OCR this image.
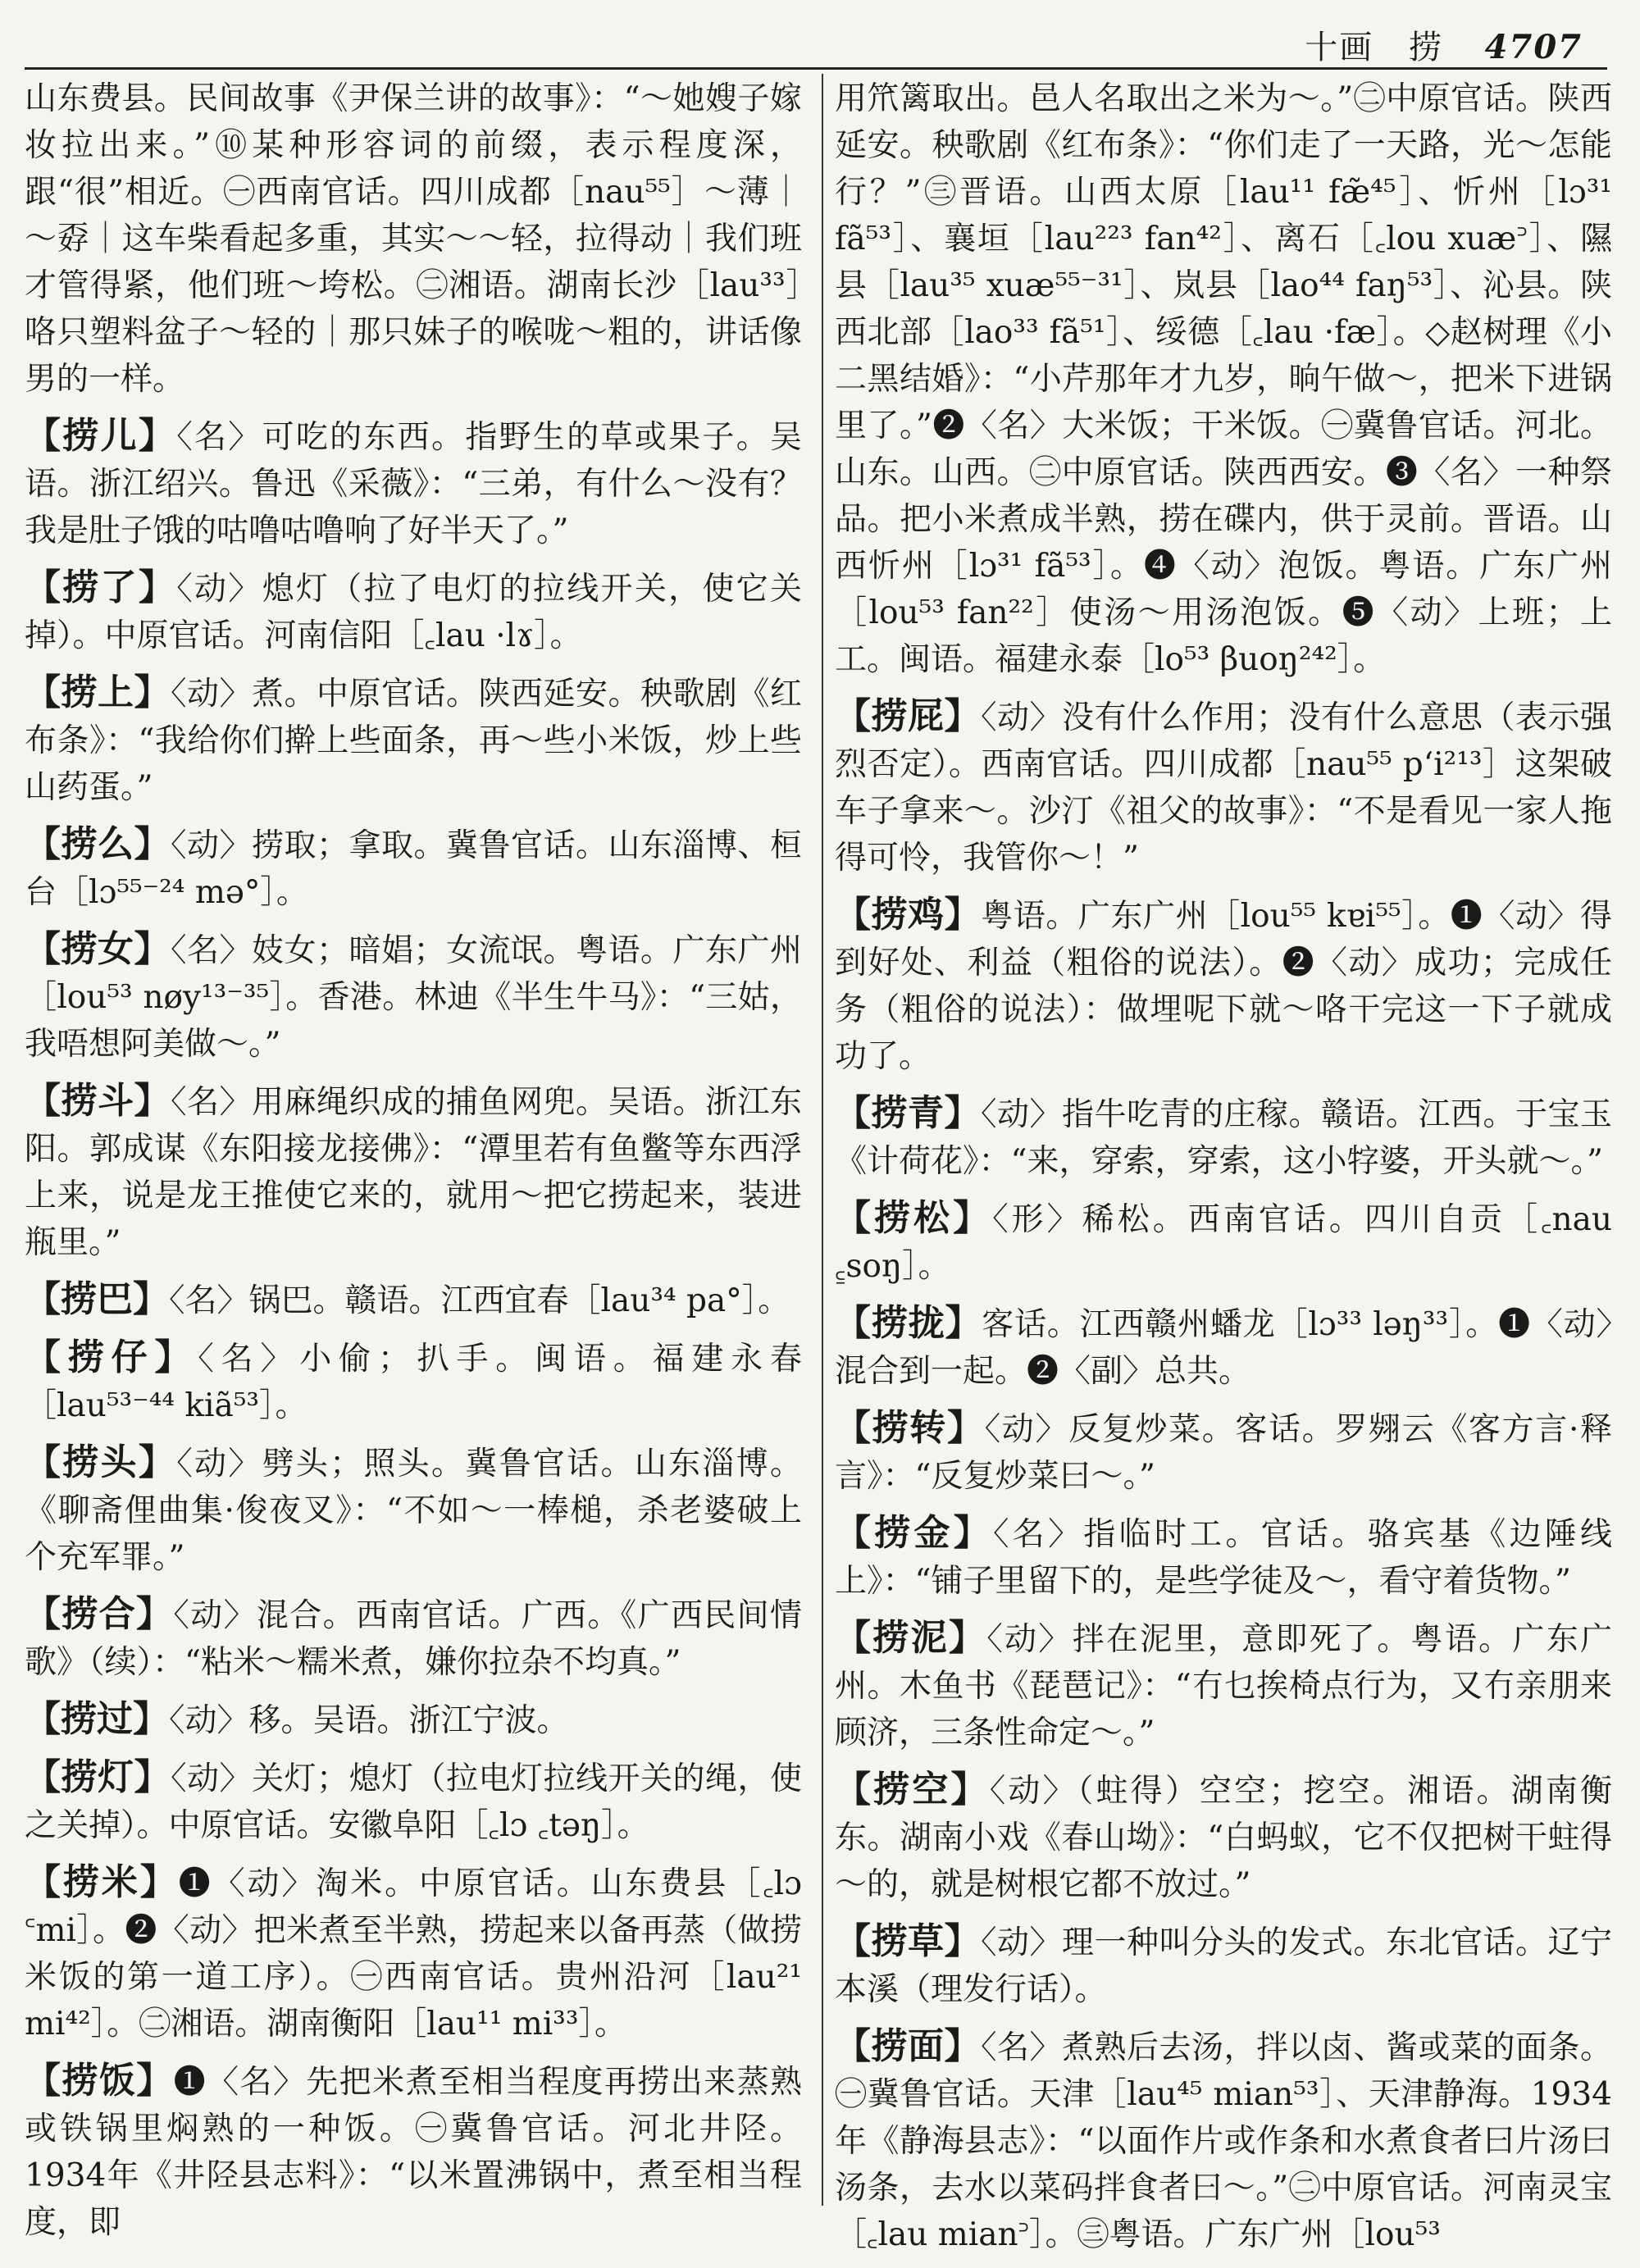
十画 捞 4707
山东费县。民间故事《尹保兰讲的故事》：“～她嫂子嫁妆拉出来。”⑩某种形容词的前缀，表示程度深，跟“很”相近。㊀西南官话。四川成都［nau⁵⁵］～薄｜～孬｜这车柴看起多重，其实～～轻，拉得动｜我们班才管得紧，他们班～垮松。㊁湘语。湖南长沙［lau³³］咯只塑料盆子～轻的｜那只妹子的喉咙～粗的，讲话像男的一样。
【捞儿】〈名〉可吃的东西。指野生的草或果子。吴语。浙江绍兴。鲁迅《采薇》：“三弟，有什么～没有？我是肚子饿的咕噜咕噜响了好半天了。”
【捞了】〈动〉熄灯（拉了电灯的拉线开关，使它关掉）。中原官话。河南信阳［꜀lau ·lɤ］。
【捞上】〈动〉煮。中原官话。陕西延安。秧歌剧《红布条》：“我给你们擀上些面条，再～些小米饭，炒上些山药蛋。”
【捞么】〈动〉捞取；拿取。冀鲁官话。山东淄博、桓台［lɔ⁵⁵⁻²⁴ mə°］。
【捞女】〈名〉妓女；暗娼；女流氓。粤语。广东广州［lou⁵³ nøy¹³⁻³⁵］。香港。林迪《半生牛马》：“三姑，我唔想阿美做～。”
【捞斗】〈名〉用麻绳织成的捕鱼网兜。吴语。浙江东阳。郭成谋《东阳接龙接佛》：“潭里若有鱼鳖等东西浮上来，说是龙王推使它来的，就用～把它捞起来，装进瓶里。”
【捞巴】〈名〉锅巴。赣语。江西宜春［lau³⁴ pa°］。
【捞仔】〈名〉小偷；扒手。闽语。福建永春［lau⁵³⁻⁴⁴ kiã⁵³］。
【捞头】〈动〉劈头；照头。冀鲁官话。山东淄博。《聊斋俚曲集·俊夜叉》：“不如～一棒槌，杀老婆破上个充军罪。”
【捞合】〈动〉混合。西南官话。广西。《广西民间情歌》（续）：“粘米～糯米煮，嫌你拉杂不均真。”
【捞过】〈动〉移。吴语。浙江宁波。
【捞灯】〈动〉关灯；熄灯（拉电灯拉线开关的绳，使之关掉）。中原官话。安徽阜阳［꜀lɔ ꜀təŋ］。
【捞米】❶〈动〉淘米。中原官话。山东费县［꜀lɔ ꜂mi］。❷〈动〉把米煮至半熟，捞起来以备再蒸（做捞米饭的第一道工序）。㊀西南官话。贵州沿河［lau²¹ mi⁴²］。㊁湘语。湖南衡阳［lau¹¹ mi³³］。
【捞饭】❶〈名〉先把米煮至相当程度再捞出来蒸熟或铁锅里焖熟的一种饭。㊀冀鲁官话。河北井陉。1934年《井陉县志料》：“以米置沸锅中，煮至相当程度，即
用笊篱取出。邑人名取出之米为～。”㊁中原官话。陕西延安。秧歌剧《红布条》：“你们走了一天路，光～怎能行？”㊂晋语。山西太原［lau¹¹ fæ̃⁴⁵］、忻州［lɔ³¹ fã⁵³］、襄垣［lau²²³ fan⁴²］、离石［꜀lou xuæ꜄］、隰县［lau³⁵ xuæ⁵⁵⁻³¹］、岚县［lao⁴⁴ faŋ⁵³］、沁县。陕西北部［lao³³ fã⁵¹］、绥德［꜀lau ·fæ］。◇赵树理《小二黑结婚》：“小芹那年才九岁，晌午做～，把米下进锅里了。”❷〈名〉大米饭；干米饭。㊀冀鲁官话。河北。山东。山西。㊁中原官话。陕西西安。❸〈名〉一种祭品。把小米煮成半熟，捞在碟内，供于灵前。晋语。山西忻州［lɔ³¹ fã⁵³］。❹〈动〉泡饭。粤语。广东广州［lou⁵³ fan²²］使汤～用汤泡饭。❺〈动〉上班；上工。闽语。福建永泰［lo⁵³ βuoŋ²⁴²］。
【捞屁】〈动〉没有什么作用；没有什么意思（表示强烈否定）。西南官话。四川成都［nau⁵⁵ pʻi²¹³］这架破车子拿来～。沙汀《祖父的故事》：“不是看见一家人拖得可怜，我管你～！”
【捞鸡】粤语。广东广州［lou⁵⁵ kɐi⁵⁵］。❶〈动〉得到好处、利益（粗俗的说法）。❷〈动〉成功；完成任务（粗俗的说法）：做埋呢下就～咯干完这一下子就成功了。
【捞青】〈动〉指牛吃青的庄稼。赣语。江西。于宝玉《计荷花》：“来，穿索，穿索，这小牸婆，开头就～。”
【捞松】〈形〉稀松。西南官话。四川自贡［꜀nau ꜁soŋ］。
【捞拢】客话。江西赣州蟠龙［lɔ³³ ləŋ³³］。❶〈动〉混合到一起。❷〈副〉总共。
【捞转】〈动〉反复炒菜。客话。罗翙云《客方言·释言》：“反复炒菜曰～。”
【捞金】〈名〉指临时工。官话。骆宾基《边陲线上》：“铺子里留下的，是些学徒及～，看守着货物。”
【捞泥】〈动〉拌在泥里，意即死了。粤语。广东广州。木鱼书《琵琶记》：“冇乜挨椅点行为，又冇亲朋来顾济，三条性命定～。”
【捞空】〈动〉（蛀得）空空；挖空。湘语。湖南衡东。湖南小戏《春山坳》：“白蚂蚁，它不仅把树干蛀得～的，就是树根它都不放过。”
【捞草】〈动〉理一种叫分头的发式。东北官话。辽宁本溪（理发行话）。
【捞面】〈名〉煮熟后去汤，拌以卤、酱或菜的面条。㊀冀鲁官话。天津［lau⁴⁵ mian⁵³］、天津静海。1934年《静海县志》：“以面作片或作条和水煮食者曰片汤曰汤条，去水以菜码拌食者曰～。”㊁中原官话。河南灵宝［꜀lau mian꜄］。㊂粤语。广东广州［lou⁵³
